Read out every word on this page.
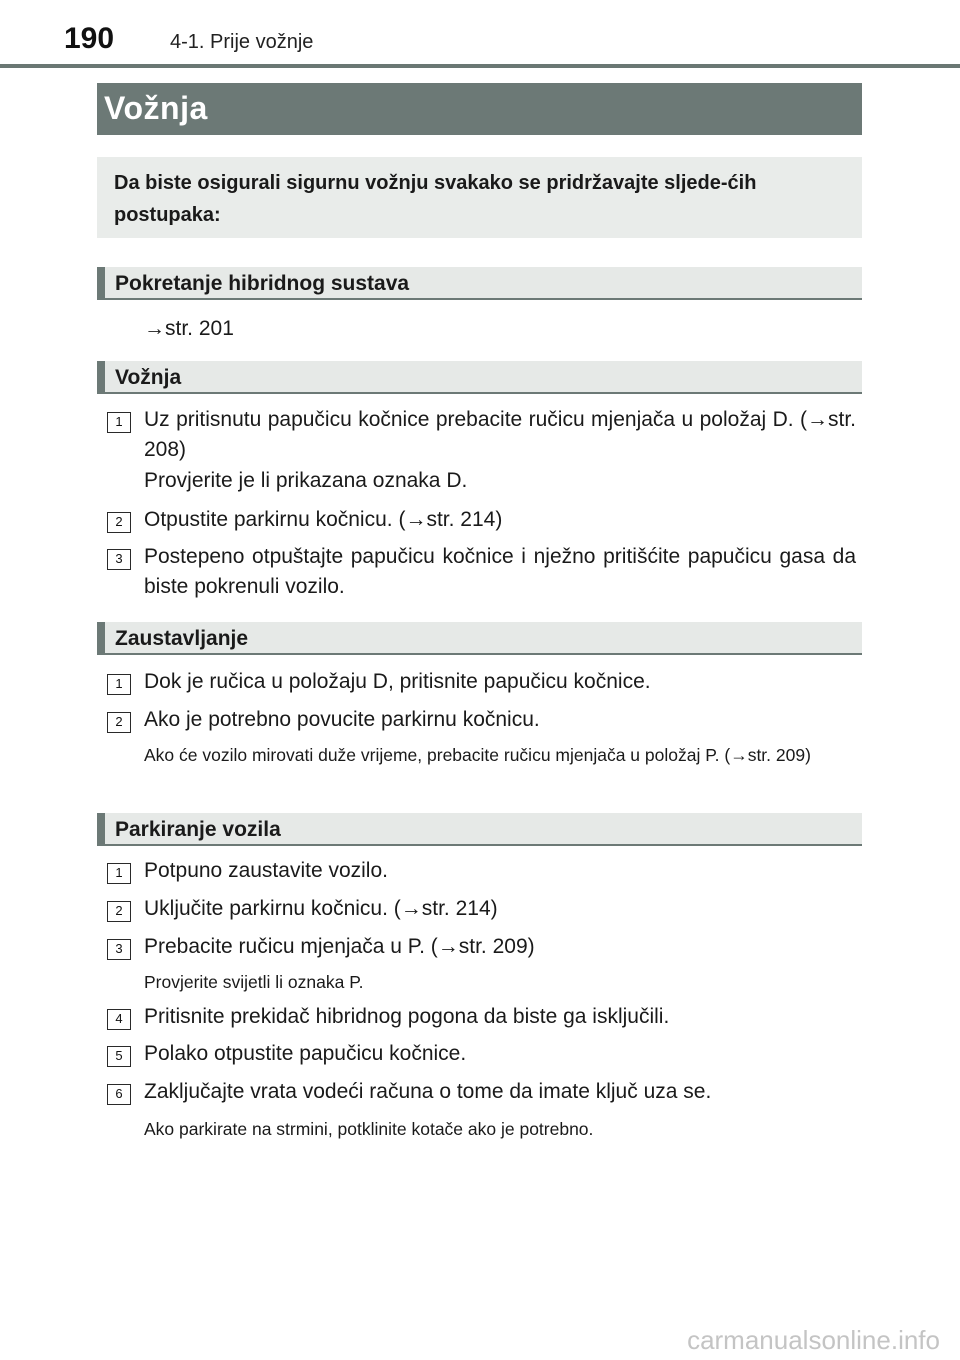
190	4-1. Prije vožnje
Vožnja
Da biste osigurali sigurnu vožnju svakako se pridržavajte sljede-ćih postupaka:
Pokretanje hibridnog sustava
→str. 201
Vožnja
1	Uz pritisnutu papučicu kočnice prebacite ručicu mjenjača u položaj D. (→str. 208)
Provjerite je li prikazana oznaka D.
2	Otpustite parkirnu kočnicu. (→str. 214)
3	Postepeno otpuštajte papučicu kočnice i nježno pritišćite papučicu gasa da biste pokrenuli vozilo.
Zaustavljanje
1	Dok je ručica u položaju D, pritisnite papučicu kočnice.
2	Ako je potrebno povucite parkirnu kočnicu.
Ako će vozilo mirovati duže vrijeme, prebacite ručicu mjenjača u položaj P. (→str. 209)
Parkiranje vozila
1	Potpuno zaustavite vozilo.
2	Uključite parkirnu kočnicu. (→str. 214)
3	Prebacite ručicu mjenjača u P. (→str. 209)
Provjerite svijetli li oznaka P.
4	Pritisnite prekidač hibridnog pogona da biste ga isključili.
5	Polako otpustite papučicu kočnice.
6	Zaključajte vrata vodeći računa o tome da imate ključ uza se.
Ako parkirate na strmini, potklinite kotače ako je potrebno.
carmanualsonline.info
